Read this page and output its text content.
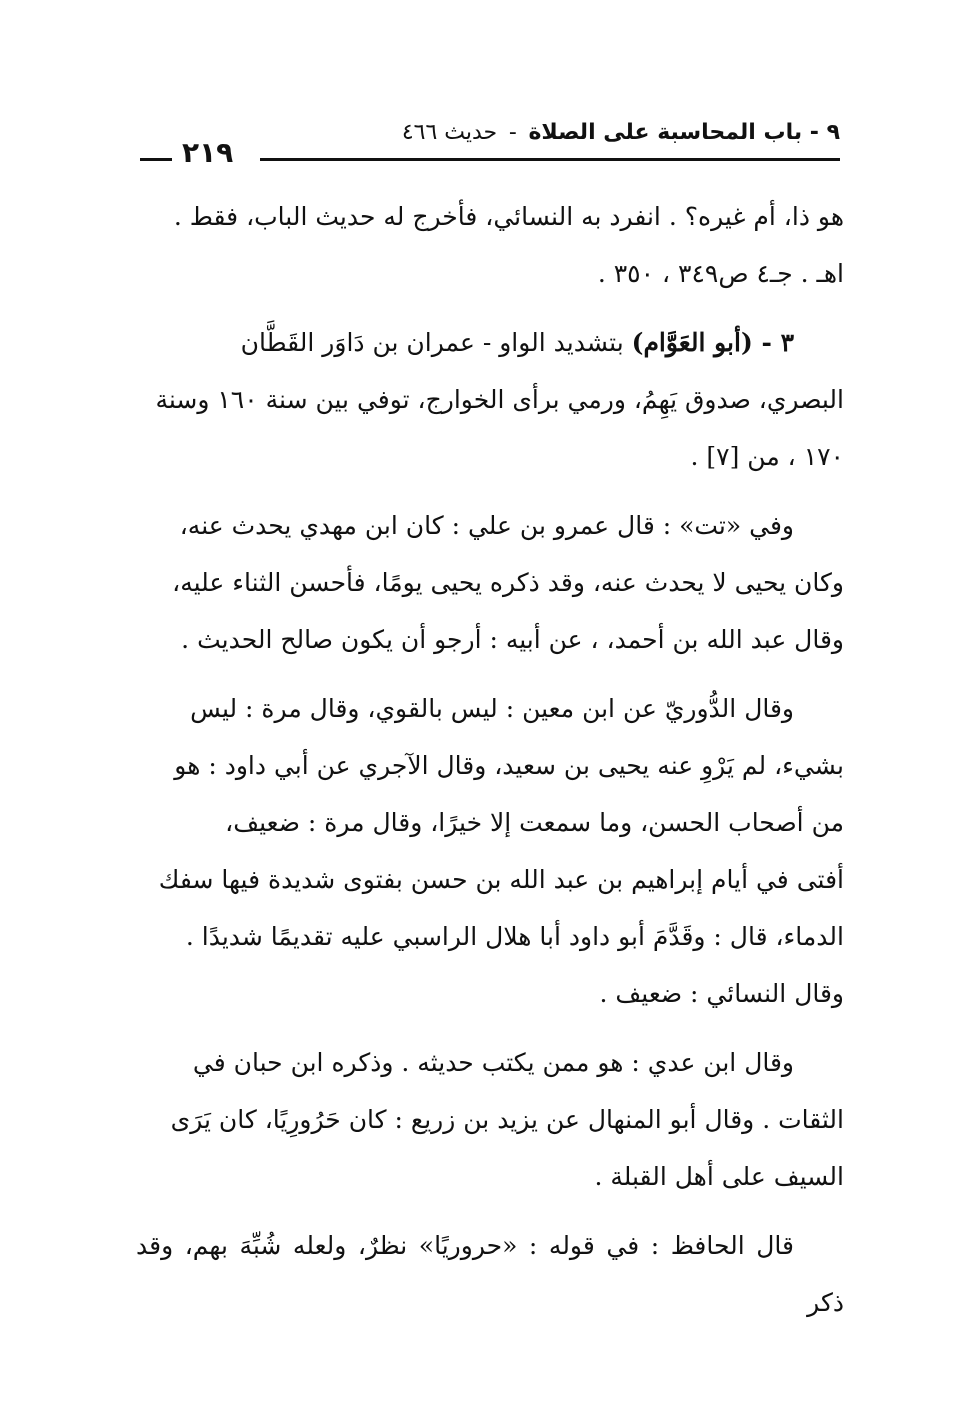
٩ - باب المحاسبة على الصلاة - حديث ٤٦٦
٢١٩

هو ذا، أم غيره؟ . انفرد به النسائي، فأخرج له حديث الباب، فقط .
اهـ . جـ٤ ص٣٤٩ ، ٣٥٠ .

٣ - (أبو العَوَّام) بتشديد الواو - عمران بن دَاوَر القَطَّان
البصري، صدوق يَهِمُ، ورمي برأى الخوارج، توفي بين سنة ١٦٠ وسنة
١٧٠ ، من [٧] .

وفي «تت» : قال عمرو بن علي : كان ابن مهدي يحدث عنه،
وكان يحيى لا يحدث عنه، وقد ذكره يحيى يومًا، فأحسن الثناء عليه،
وقال عبد الله بن أحمد، ، عن أبيه : أرجو أن يكون صالح الحديث .

وقال الدُّوريّ عن ابن معين : ليس بالقوي، وقال مرة : ليس
بشيء، لم يَرْوِ عنه يحيى بن سعيد، وقال الآجري عن أبي داود : هو
من أصحاب الحسن، وما سمعت إلا خيرًا، وقال مرة : ضعيف،
أفتى في أيام إبراهيم بن عبد الله بن حسن بفتوى شديدة فيها سفك
الدماء، قال : وقَدَّمَ أبو داود أبا هلال الراسبي عليه تقديمًا شديدًا .
وقال النسائي : ضعيف .

وقال ابن عدي : هو ممن يكتب حديثه . وذكره ابن حبان في
الثقات . وقال أبو المنهال عن يزيد بن زريع : كان حَرُورِيًا، كان يَرَى
السيف على أهل القبلة .

قال الحافظ : في قوله : «حروريًا» نظرٌ، ولعله شُبِّهَ بهم، وقد ذكر
